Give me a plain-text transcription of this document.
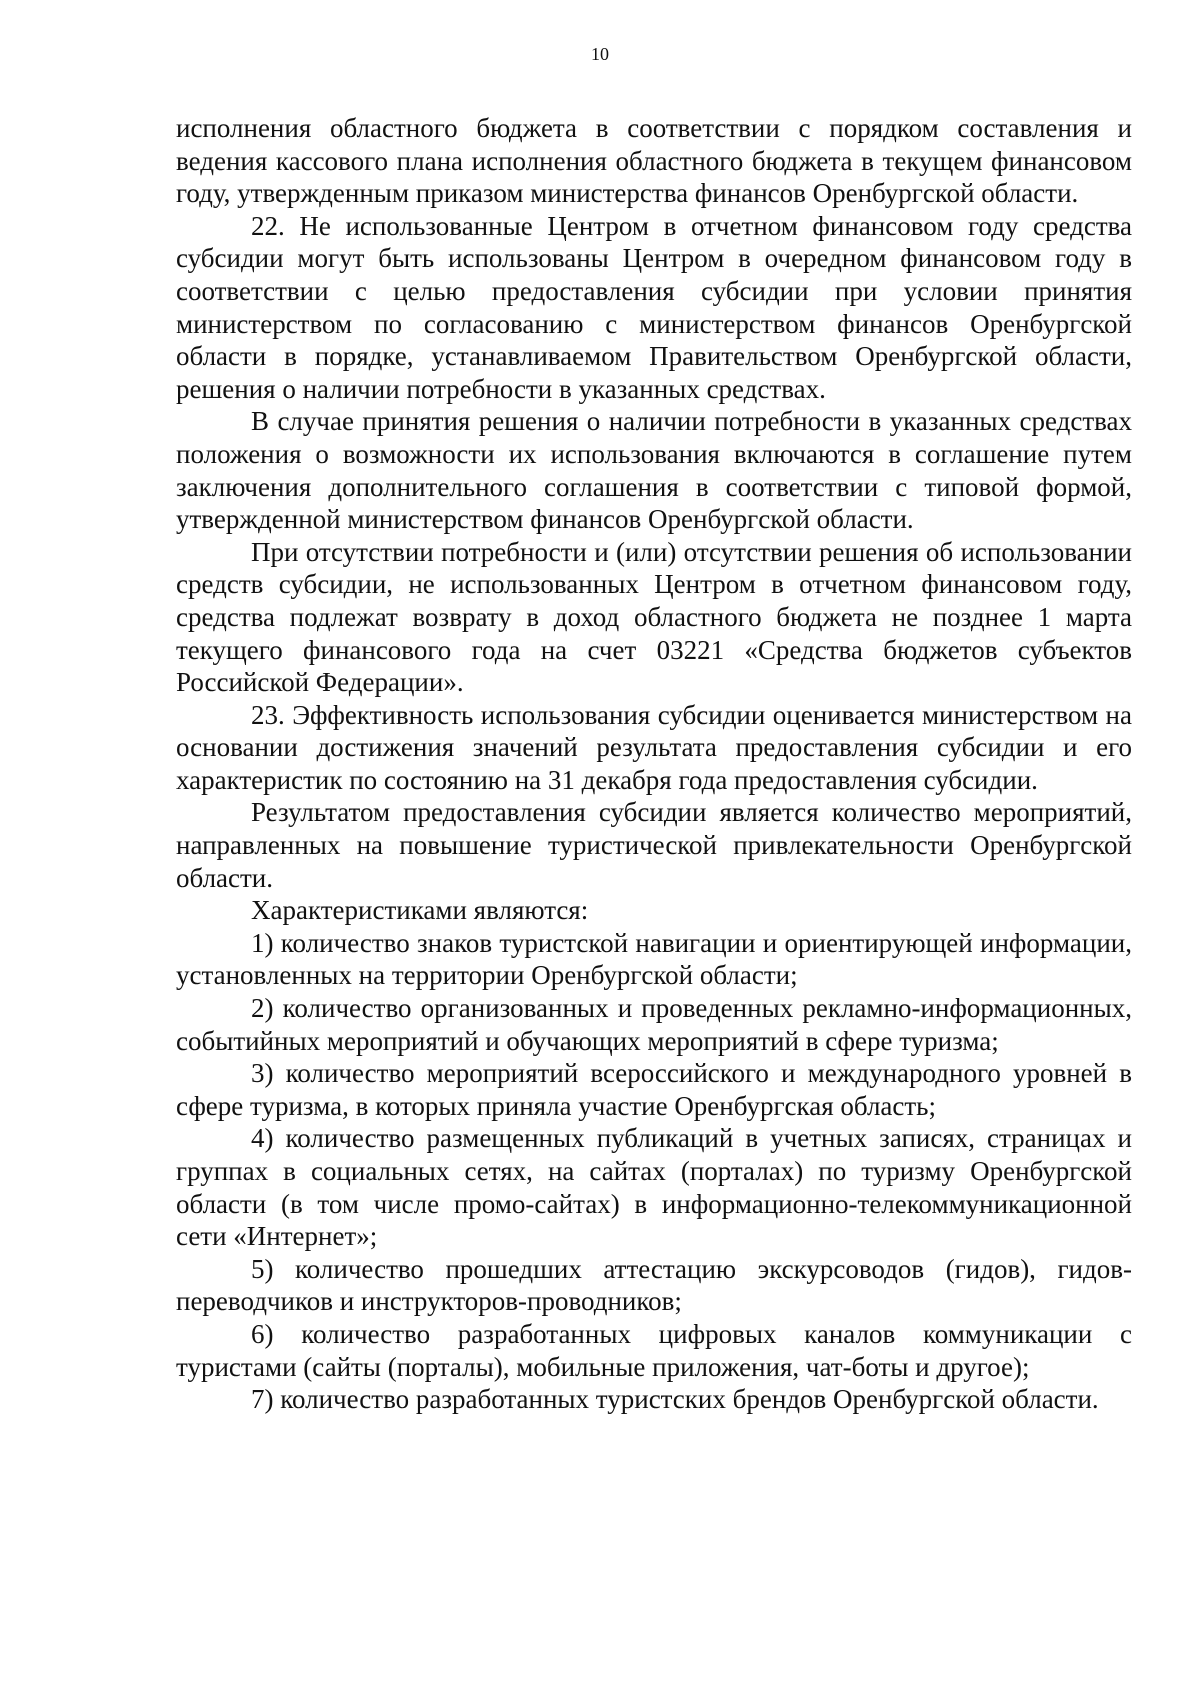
10

исполнения областного бюджета в соответствии с порядком составления и ведения кассового плана исполнения областного бюджета в текущем финансовом году, утвержденным приказом министерства финансов Оренбургской области.

22. Не использованные Центром в отчетном финансовом году средства субсидии могут быть использованы Центром в очередном финансовом году в соответствии с целью предоставления субсидии при условии принятия министерством по согласованию с министерством финансов Оренбургской области в порядке, устанавливаемом Правительством Оренбургской области, решения о наличии потребности в указанных средствах.

В случае принятия решения о наличии потребности в указанных средствах положения о возможности их использования включаются в соглашение путем заключения дополнительного соглашения в соответствии с типовой формой, утвержденной министерством финансов Оренбургской области.

При отсутствии потребности и (или) отсутствии решения об использовании средств субсидии, не использованных Центром в отчетном финансовом году, средства подлежат возврату в доход областного бюджета не позднее 1 марта текущего финансового года на счет 03221 «Средства бюджетов субъектов Российской Федерации».

23. Эффективность использования субсидии оценивается министерством на основании достижения значений результата предоставления субсидии и его характеристик по состоянию на 31 декабря года предоставления субсидии.

Результатом предоставления субсидии является количество мероприятий, направленных на повышение туристической привлекательности Оренбургской области.

Характеристиками являются:

1) количество знаков туристской навигации и ориентирующей информации, установленных на территории Оренбургской области;

2) количество организованных и проведенных рекламно-информационных, событийных мероприятий и обучающих мероприятий в сфере туризма;

3) количество мероприятий всероссийского и международного уровней в сфере туризма, в которых приняла участие Оренбургская область;

4) количество размещенных публикаций в учетных записях, страницах и группах в социальных сетях, на сайтах (порталах) по туризму Оренбургской области (в том числе промо-сайтах) в информационно-телекоммуникационной сети «Интернет»;

5) количество прошедших аттестацию экскурсоводов (гидов), гидов-переводчиков и инструкторов-проводников;

6) количество разработанных цифровых каналов коммуникации с туристами (сайты (порталы), мобильные приложения, чат-боты и другое);

7) количество разработанных туристских брендов Оренбургской области.
